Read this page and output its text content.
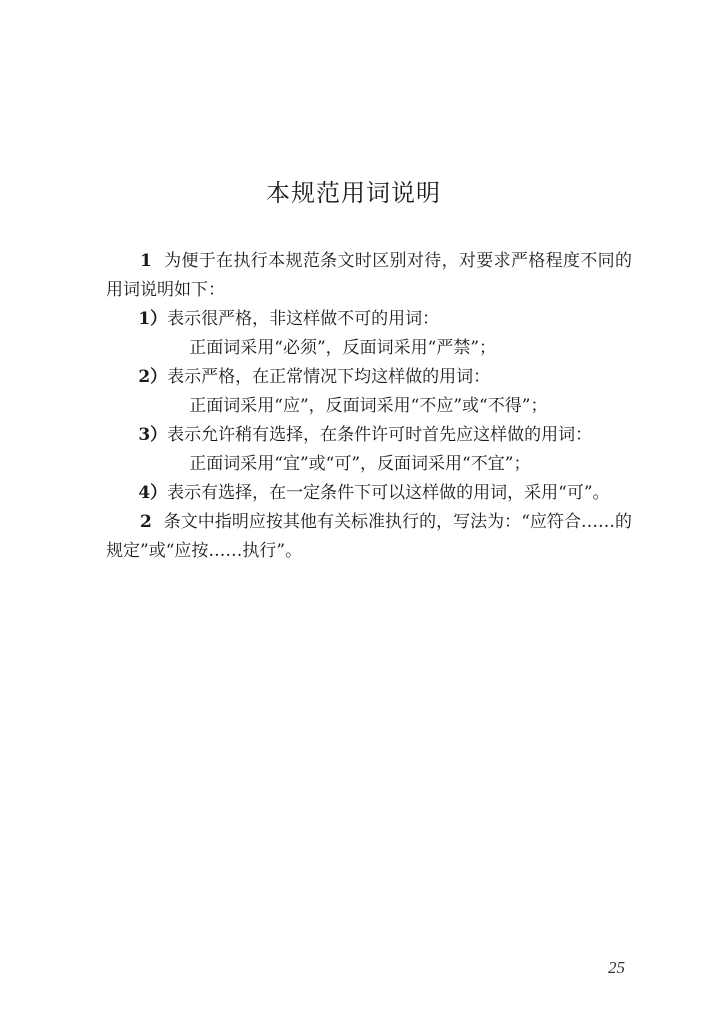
本规范用词说明

1 为便于在执行本规范条文时区别对待，对要求严格程度不同的用词说明如下：

1）表示很严格，非这样做不可的用词：

正面词采用“必须”，反面词采用“严禁”；

2）表示严格，在正常情况下均这样做的用词：

正面词采用“应”，反面词采用“不应”或“不得”；

3）表示允许稍有选择，在条件许可时首先应这样做的用词：

正面词采用“宜”或“可”，反面词采用“不宜”；

4）表示有选择，在一定条件下可以这样做的用词，采用“可”。

2 条文中指明应按其他有关标准执行的，写法为：“应符合……的规定”或“应按……执行”。

25
